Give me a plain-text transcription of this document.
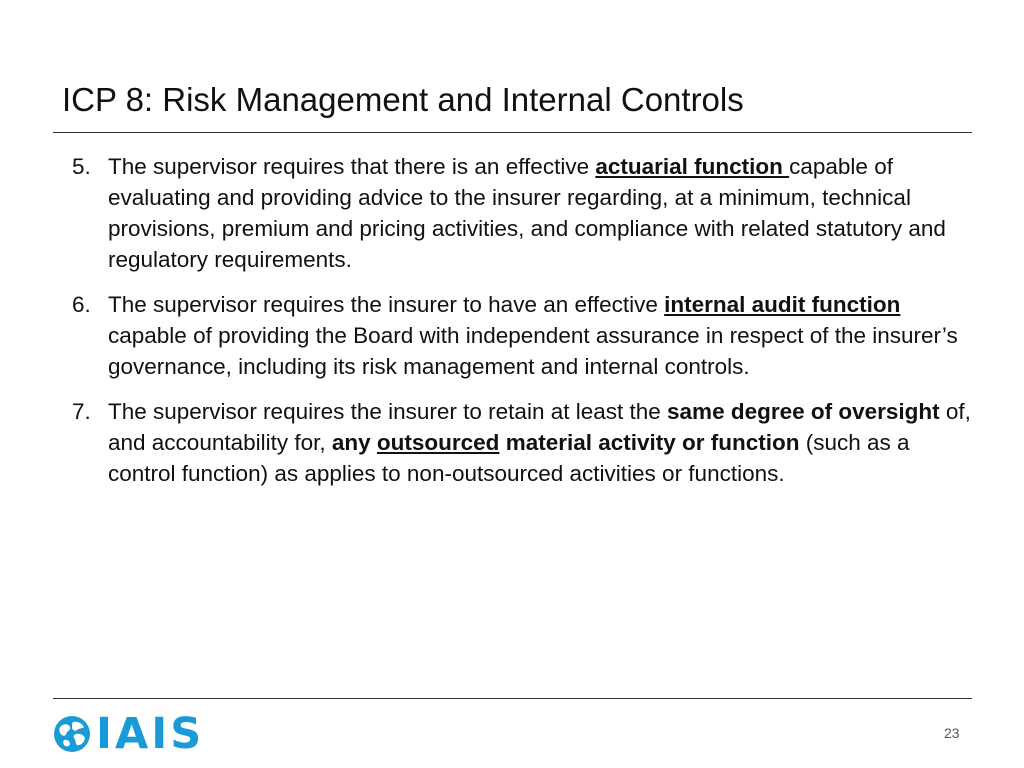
ICP 8: Risk Management and Internal Controls
5. The supervisor requires that there is an effective actuarial function capable of evaluating and providing advice to the insurer regarding, at a minimum, technical provisions, premium and pricing activities, and compliance with related statutory and regulatory requirements.
6. The supervisor requires the insurer to have an effective internal audit function capable of providing the Board with independent assurance in respect of the insurer’s governance, including its risk management and internal controls.
7. The supervisor requires the insurer to retain at least the same degree of oversight of, and accountability for, any outsourced material activity or function (such as a control function) as applies to non-outsourced activities or functions.
IAIS	23
